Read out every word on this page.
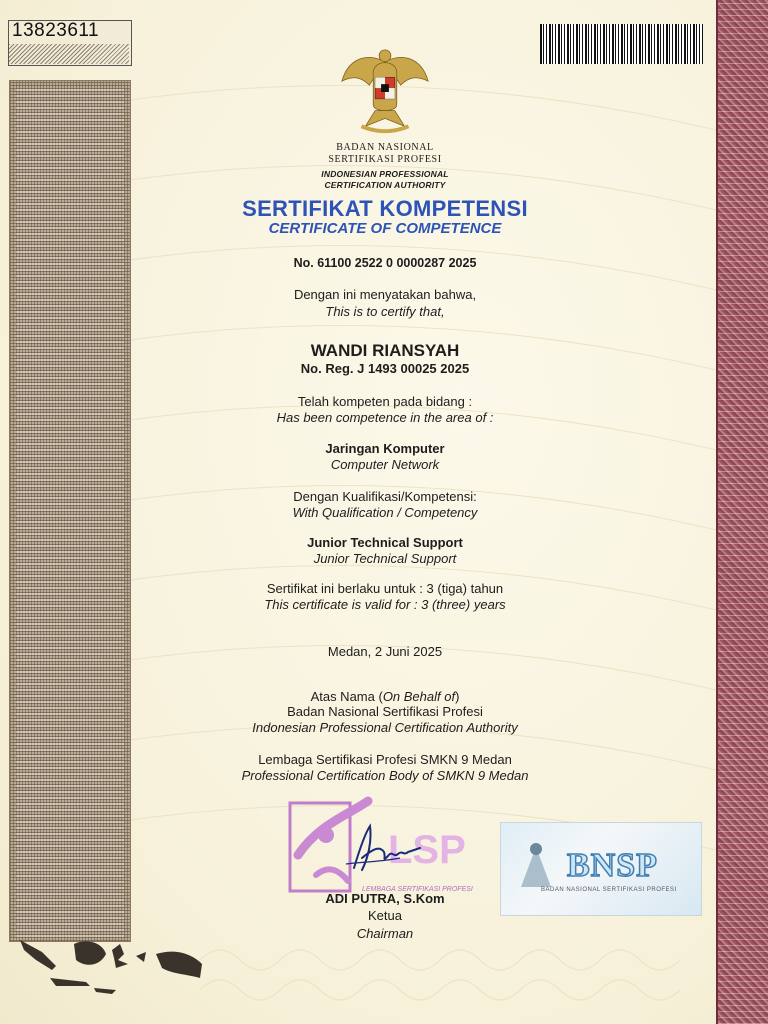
13823611
BADAN NASIONAL
SERTIFIKASI PROFESI
INDONESIAN PROFESSIONAL
CERTIFICATION AUTHORITY
SERTIFIKAT KOMPETENSI
CERTIFICATE OF COMPETENCE
No. 61100 2522 0 0000287 2025
Dengan ini menyatakan bahwa,
This is to certify that,
WANDI RIANSYAH
No. Reg. J 1493 00025 2025
Telah kompeten pada bidang :
Has been competence in the area of :
Jaringan Komputer
Computer Network
Dengan Kualifikasi/Kompetensi:
With Qualification / Competency
Junior Technical Support
Junior Technical Support
Sertifikat ini berlaku untuk : 3 (tiga) tahun
This certificate is valid for : 3 (three) years
Medan, 2 Juni 2025
Atas Nama (On Behalf of)
Badan Nasional Sertifikasi Profesi
Indonesian Professional Certification Authority
Lembaga Sertifikasi Profesi SMKN 9 Medan
Professional Certification Body of SMKN 9 Medan
LSP
LEMBAGA SERTIFIKASI PROFESI
BNSP
BADAN NASIONAL SERTIFIKASI PROFESI
ADI PUTRA, S.Kom
Ketua
Chairman
